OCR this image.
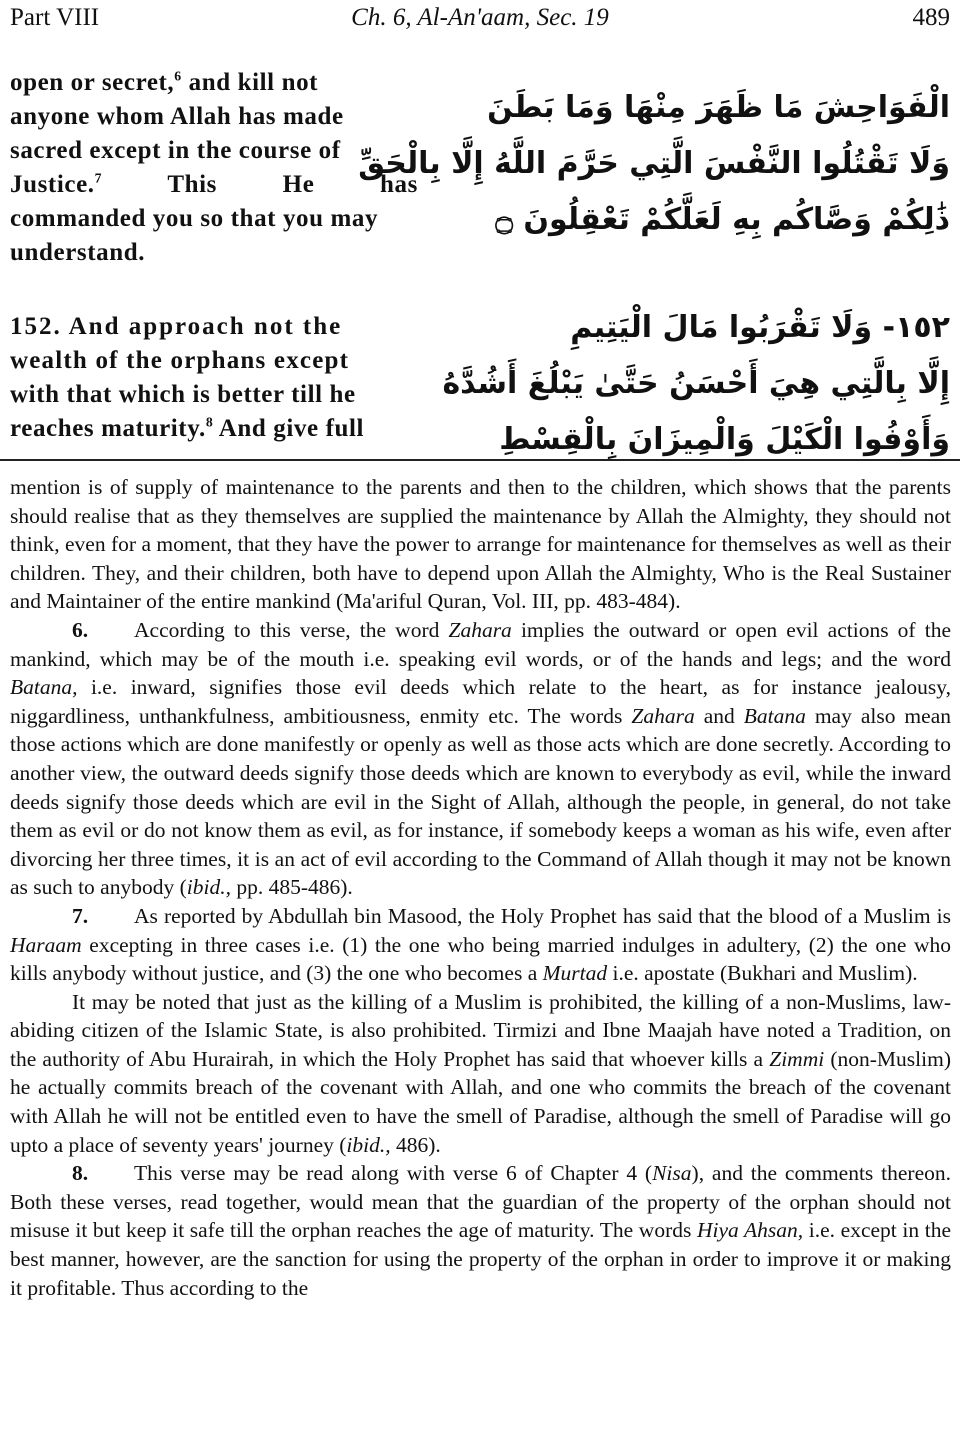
Part VIII	Ch. 6, Al-An'aam, Sec. 19	489
open or secret,$^6$ and kill not
anyone whom Allah has made
sacred except in the course of
Justice.$^7$ This He has
commanded you so that you may
understand.
الْفَوَاحِشَ مَا ظَهَرَ مِنْهَا وَمَا بَطَنَ
وَلَا تَقْتُلُوا النَّفْسَ الَّتِي حَرَّمَ اللَّهُ إِلَّا بِالْحَقِّ
ذَٰلِكُمْ وَصَّاكُم بِهِ لَعَلَّكُمْ تَعْقِلُونَ ۝
152. And approach not the
wealth of the orphans except
with that which is better till he
reaches maturity.$^8$ And give full
١٥٢- وَلَا تَقْرَبُوا مَالَ الْيَتِيمِ
إِلَّا بِالَّتِي هِيَ أَحْسَنُ حَتَّىٰ يَبْلُغَ أَشُدَّهُ
وَأَوْفُوا الْكَيْلَ وَالْمِيزَانَ بِالْقِسْطِ

mention is of supply of maintenance to the parents and then to the children, which shows that the parents should realise that as they themselves are supplied the maintenance by Allah the Almighty, they should not think, even for a moment, that they have the power to arrange for maintenance for themselves as well as their children. They, and their children, both have to depend upon Allah the Almighty, Who is the Real Sustainer and Maintainer of the entire mankind (Ma'ariful Quran, Vol. III, pp. 483-484).

6. According to this verse, the word Zahara implies the outward or open evil actions of the mankind, which may be of the mouth i.e. speaking evil words, or of the hands and legs; and the word Batana, i.e. inward, signifies those evil deeds which relate to the heart, as for instance jealousy, niggardliness, unthankfulness, ambitiousness, enmity etc. The words Zahara and Batana may also mean those actions which are done manifestly or openly as well as those acts which are done secretly. According to another view, the outward deeds signify those deeds which are known to everybody as evil, while the inward deeds signify those deeds which are evil in the Sight of Allah, although the people, in general, do not take them as evil or do not know them as evil, as for instance, if somebody keeps a woman as his wife, even after divorcing her three times, it is an act of evil according to the Command of Allah though it may not be known as such to anybody (ibid., pp. 485-486).

7. As reported by Abdullah bin Masood, the Holy Prophet has said that the blood of a Muslim is Haraam excepting in three cases i.e. (1) the one who being married indulges in adultery, (2) the one who kills anybody without justice, and (3) the one who becomes a Murtad i.e. apostate (Bukhari and Muslim).

It may be noted that just as the killing of a Muslim is prohibited, the killing of a non-Muslims, law-abiding citizen of the Islamic State, is also prohibited. Tirmizi and Ibne Maajah have noted a Tradition, on the authority of Abu Hurairah, in which the Holy Prophet has said that whoever kills a Zimmi (non-Muslim) he actually commits breach of the covenant with Allah, and one who commits the breach of the covenant with Allah he will not be entitled even to have the smell of Paradise, although the smell of Paradise will go upto a place of seventy years' journey (ibid., 486).

8. This verse may be read along with verse 6 of Chapter 4 (Nisa), and the comments thereon. Both these verses, read together, would mean that the guardian of the property of the orphan should not misuse it but keep it safe till the orphan reaches the age of maturity. The words Hiya Ahsan, i.e. except in the best manner, however, are the sanction for using the property of the orphan in order to improve it or making it profitable. Thus according to the
